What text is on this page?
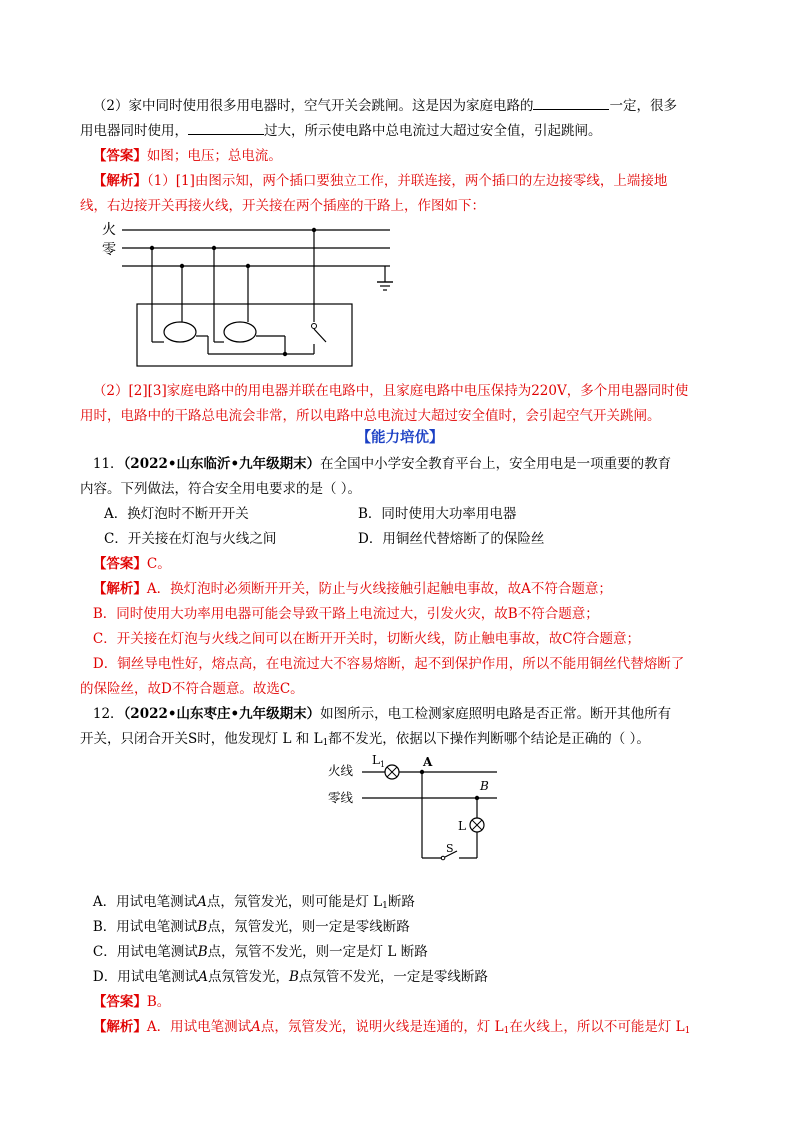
（2）家中同时使用很多用电器时，空气开关会跳闸。这是因为家庭电路的	一定，很多
用电器同时使用，	过大，所示使电路中总电流过大超过安全值，引起跳闸。
【答案】如图；电压；总电流。
【解析】（1）[1]由图示知，两个插口要独立工作，并联连接，两个插口的左边接零线，上端接地
线，右边接开关再接火线，开关接在两个插座的干路上，作图如下：
火
零
（2）[2][3]家庭电路中的用电器并联在电路中，且家庭电路中电压保持为220V，多个用电器同时使
用时，电路中的干路总电流会非常，所以电路中总电流过大超过安全值时，会引起空气开关跳闸。
【能力培优】
11．（2022•山东临沂•九年级期末）在全国中小学安全教育平台上，安全用电是一项重要的教育
内容。下列做法，符合安全用电要求的是（ ）。
A．换灯泡时不断开开关	B．同时使用大功率用电器
C．开关接在灯泡与火线之间	D．用铜丝代替熔断了的保险丝
【答案】C。
【解析】A．换灯泡时必须断开开关，防止与火线接触引起触电事故，故A不符合题意；
B．同时使用大功率用电器可能会导致干路上电流过大，引发火灾，故B不符合题意；
C．开关接在灯泡与火线之间可以在断开开关时，切断火线，防止触电事故，故C符合题意；
D．铜丝导电性好，熔点高，在电流过大不容易熔断，起不到保护作用，所以不能用铜丝代替熔断了
的保险丝，故D不符合题意。故选C。
12．（2022•山东枣庄•九年级期末）如图所示，电工检测家庭照明电路是否正常。断开其他所有
开关，只闭合开关S时，他发现灯 L 和 $L_1$都不发光，依据以下操作判断哪个结论是正确的（ ）。
火线
零线
$L_1$	A
B
S
L
A．用试电笔测试A点，氖管发光，则可能是灯 $L_1$断路
B．用试电笔测试B点，氖管发光，则一定是零线断路
C．用试电笔测试B点，氖管不发光，则一定是灯 L 断路
D．用试电笔测试A点氖管发光，B点氖管不发光，一定是零线断路
【答案】B。
【解析】A．用试电笔测试A点，氖管发光，说明火线是连通的，灯 $L_1$在火线上，所以不可能是灯 $L_1$
